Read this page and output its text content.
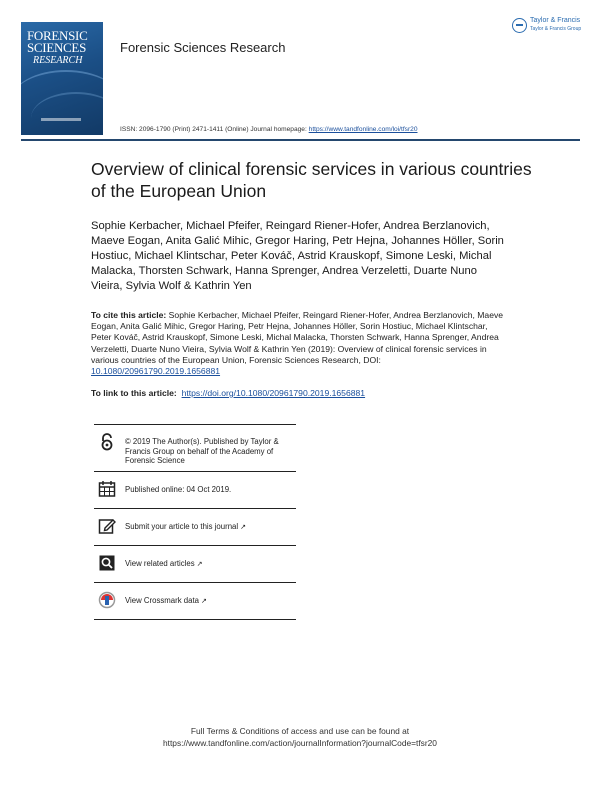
FORENSIC
SCIENCES
RESEARCH
Forensic Sciences Research
Taylor & Francis
Taylor & Francis Group
ISSN: 2096-1790 (Print) 2471-1411 (Online) Journal homepage: https://www.tandfonline.com/loi/tfsr20
Overview of clinical forensic services in various countries of the European Union
Sophie Kerbacher, Michael Pfeifer, Reingard Riener-Hofer, Andrea Berzlanovich, Maeve Eogan, Anita Galić Mihic, Gregor Haring, Petr Hejna, Johannes Höller, Sorin Hostiuc, Michael Klintschar, Peter Kováč, Astrid Krauskopf, Simone Leski, Michal Malacka, Thorsten Schwark, Hanna Sprenger, Andrea Verzeletti, Duarte Nuno Vieira, Sylvia Wolf & Kathrin Yen
To cite this article: Sophie Kerbacher, Michael Pfeifer, Reingard Riener-Hofer, Andrea Berzlanovich, Maeve Eogan, Anita Galić Mihic, Gregor Haring, Petr Hejna, Johannes Höller, Sorin Hostiuc, Michael Klintschar, Peter Kováč, Astrid Krauskopf, Simone Leski, Michal Malacka, Thorsten Schwark, Hanna Sprenger, Andrea Verzeletti, Duarte Nuno Vieira, Sylvia Wolf & Kathrin Yen (2019): Overview of clinical forensic services in various countries of the European Union, Forensic Sciences Research, DOI: 10.1080/20961790.2019.1656881
To link to this article: https://doi.org/10.1080/20961790.2019.1656881
© 2019 The Author(s). Published by Taylor & Francis Group on behalf of the Academy of Forensic Science
Published online: 04 Oct 2019.
Submit your article to this journal ↗
View related articles ↗
View Crossmark data ↗
Full Terms & Conditions of access and use can be found at
https://www.tandfonline.com/action/journalInformation?journalCode=tfsr20
